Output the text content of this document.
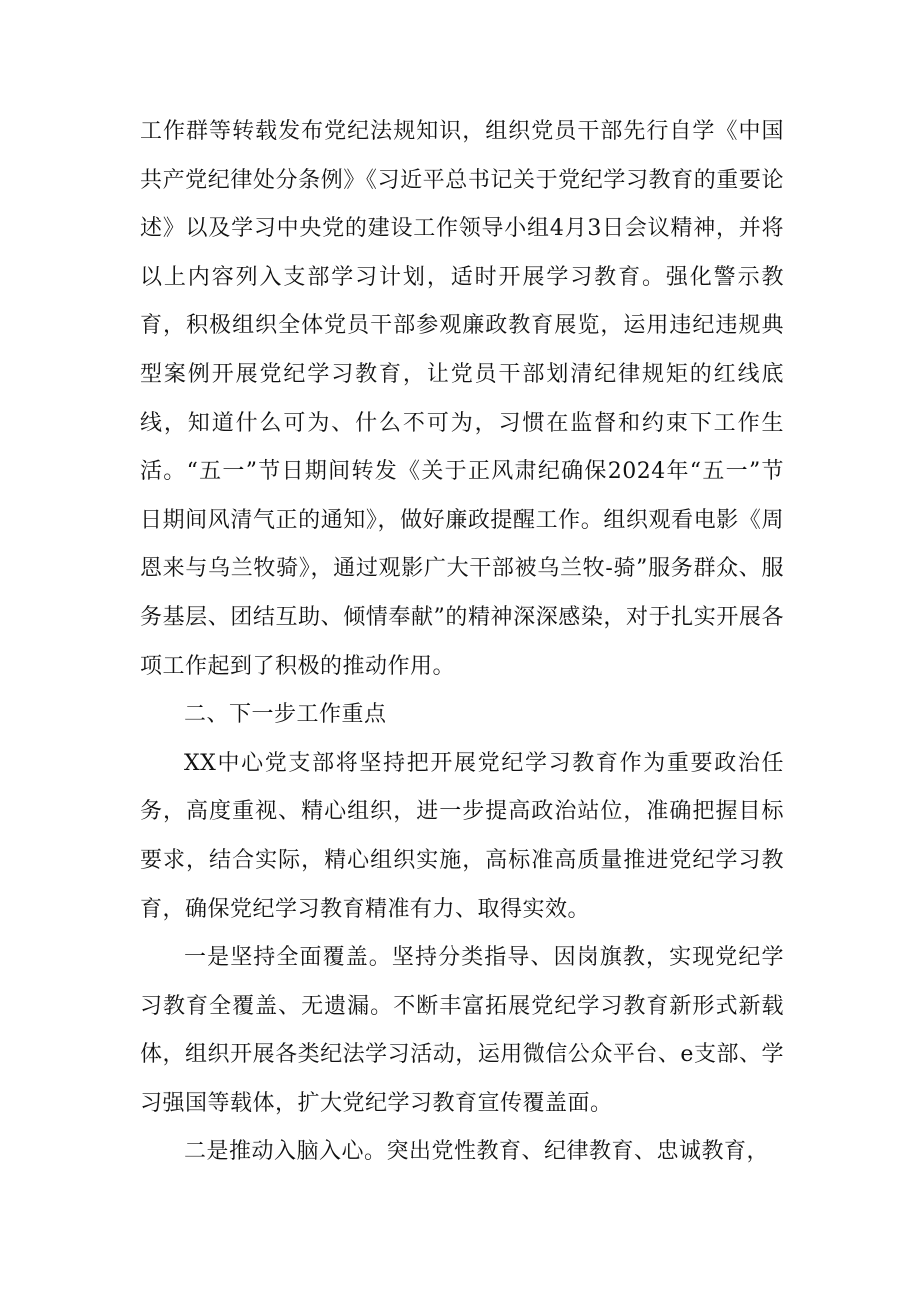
工作群等转载发布党纪法规知识，组织党员干部先行自学《中国共产党纪律处分条例》《习近平总书记关于党纪学习教育的重要论述》以及学习中央党的建设工作领导小组4月3日会议精神，并将以上内容列入支部学习计划，适时开展学习教育。强化警示教育，积极组织全体党员干部参观廉政教育展览，运用违纪违规典型案例开展党纪学习教育，让党员干部划清纪律规矩的红线底线，知道什么可为、什么不可为，习惯在监督和约束下工作生活。“五一”节日期间转发《关于正风肃纪确保2024年“五一”节日期间风清气正的通知》，做好廉政提醒工作。组织观看电影《周恩来与乌兰牧骑》，通过观影广大干部被乌兰牧-骑”服务群众、服务基层、团结互助、倾情奉献”的精神深深感染，对于扎实开展各项工作起到了积极的推动作用。

二、下一步工作重点

XX中心党支部将坚持把开展党纪学习教育作为重要政治任务，高度重视、精心组织，进一步提高政治站位，准确把握目标要求，结合实际，精心组织实施，高标准高质量推进党纪学习教育，确保党纪学习教育精准有力、取得实效。

一是坚持全面覆盖。坚持分类指导、因岗旗教，实现党纪学习教育全覆盖、无遗漏。不断丰富拓展党纪学习教育新形式新载体，组织开展各类纪法学习活动，运用微信公众平台、e支部、学习强国等载体，扩大党纪学习教育宣传覆盖面。

二是推动入脑入心。突出党性教育、纪律教育、忠诚教育，
